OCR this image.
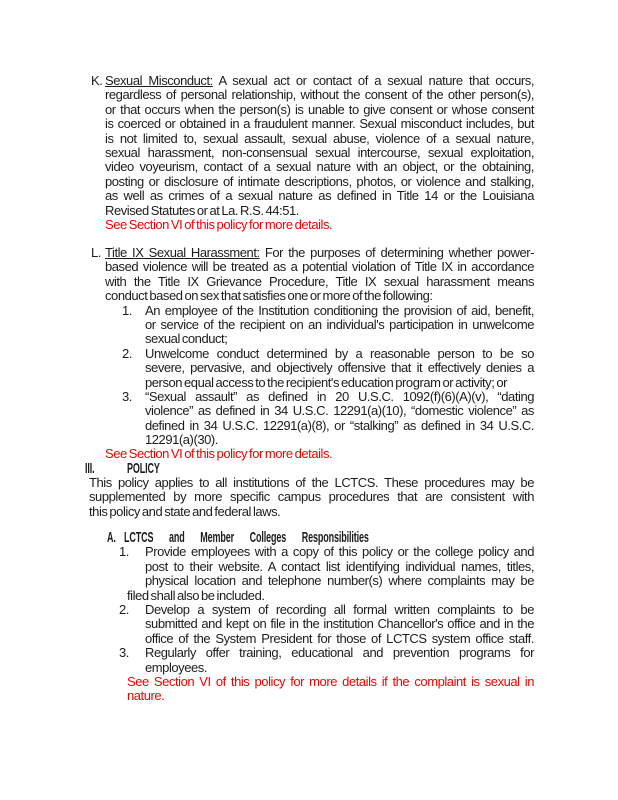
K. Sexual Misconduct: A sexual act or contact of a sexual nature that occurs,
regardless of personal relationship, without the consent of the other person(s),
or that occurs when the person(s) is unable to give consent or whose consent
is coerced or obtained in a fraudulent manner. Sexual misconduct includes, but
is not limited to, sexual assault, sexual abuse, violence of a sexual nature,
sexual harassment, non-consensual sexual intercourse, sexual exploitation,
video voyeurism, contact of a sexual nature with an object, or the obtaining,
posting or disclosure of intimate descriptions, photos, or violence and stalking,
as well as crimes of a sexual nature as defined in Title 14 or the Louisiana
Revised Statutes or at La. R.S. 44:51.
See Section VI of this policy for more details.
L. Title IX Sexual Harassment: For the purposes of determining whether power-
based violence will be treated as a potential violation of Title IX in accordance
with the Title IX Grievance Procedure, Title IX sexual harassment means
conduct based on sex that satisfies one or more of the following:
1. An employee of the Institution conditioning the provision of aid, benefit,
or service of the recipient on an individual's participation in unwelcome
sexual conduct;
2. Unwelcome conduct determined by a reasonable person to be so
severe, pervasive, and objectively offensive that it effectively denies a
person equal access to the recipient's education program or activity; or
3. “Sexual assault” as defined in 20 U.S.C. 1092(f)(6)(A)(v), “dating
violence” as defined in 34 U.S.C. 12291(a)(10), “domestic violence” as
defined in 34 U.S.C. 12291(a)(8), or “stalking” as defined in 34 U.S.C.
12291(a)(30).
See Section VI of this policy for more details.
III. POLICY
This policy applies to all institutions of the LCTCS. These procedures may be
supplemented by more specific campus procedures that are consistent with
this policy and state and federal laws.
A. LCTCS and Member Colleges Responsibilities
1. Provide employees with a copy of this policy or the college policy and
post to their website. A contact list identifying individual names, titles,
physical location and telephone number(s) where complaints may be
filed shall also be included.
2. Develop a system of recording all formal written complaints to be
submitted and kept on file in the institution Chancellor's office and in the
office of the System President for those of LCTCS system office staff.
3. Regularly offer training, educational and prevention programs for
employees.
See Section VI of this policy for more details if the complaint is sexual in
nature.
